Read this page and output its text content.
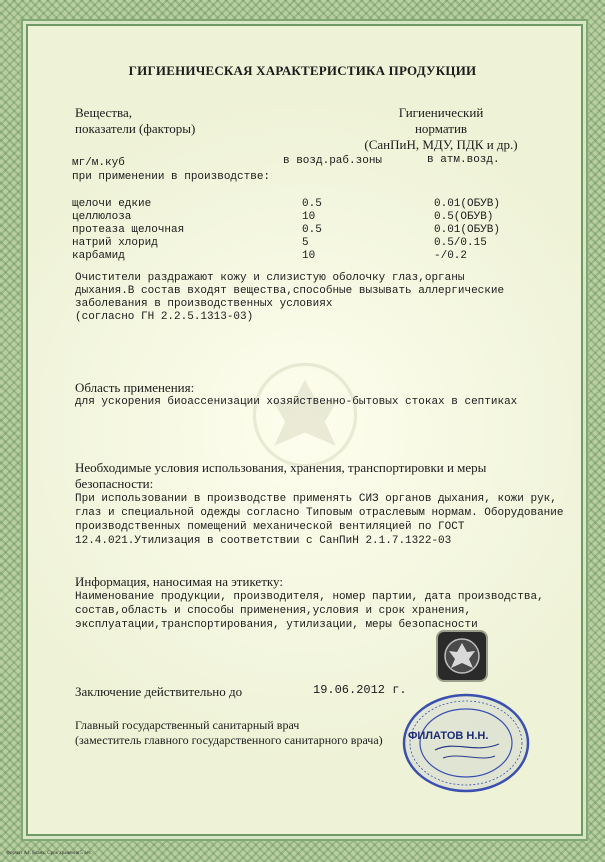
ГИГИЕНИЧЕСКАЯ ХАРАКТЕРИСТИКА ПРОДУКЦИИ
Вещества,
показатели (факторы)
Гигиенический
норматив
(СанПиН, МДУ, ПДК и др.)
мг/м.куб	в возд.раб.зоны	в атм.возд.
при применении в производстве:
щелочи едкие	0.5	0.01(ОБУВ)
целлюлоза	10	0.5(ОБУВ)
протеаза щелочная	0.5	0.01(ОБУВ)
натрий хлорид	5	0.5/0.15
карбамид	10	-/0.2
Очистители раздражают кожу и слизистую оболочку глаз,органы
дыхания.В состав входят вещества,способные вызывать аллергические
заболевания в производственных условиях
(согласно ГН 2.2.5.1313-03)
Область применения:
для ускорения биоассенизации хозяйственно-бытовых стоках в септиках
Необходимые условия использования, хранения, транспортировки и меры
безопасности:
При использовании в производстве применять СИЗ органов дыхания, кожи рук,
глаз и специальной одежды согласно Типовым отраслевым нормам. Оборудование
производственных помещений механической вентиляцией по ГОСТ
12.4.021.Утилизация в соответствии с СанПиН 2.1.7.1322-03
Информация, наносимая на этикетку:
Наименование продукции, производителя, номер партии, дата производства,
состав,область и способы применения,условия и срок хранения,
эксплуатации,транспортирования, утилизации, меры безопасности
Заключение действительно до	19.06.2012 г.
Главный государственный санитарный врач
(заместитель главного государственного санитарного врача) ФИЛАТОВ Н.Н.
Формат А4. Бланк. Срок хранения 5 лет.
